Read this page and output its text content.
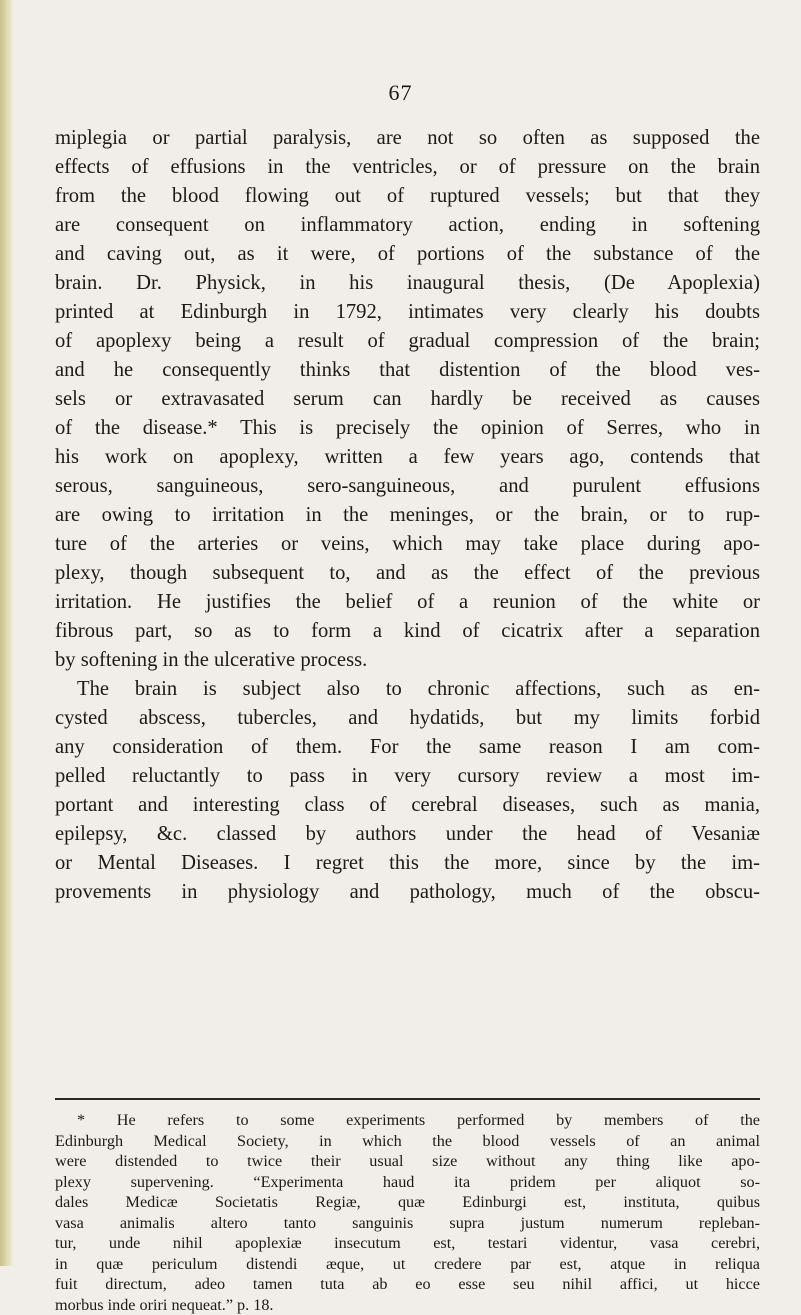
67
miplegia or partial paralysis, are not so often as supposed the
effects of effusions in the ventricles, or of pressure on the brain
from the blood flowing out of ruptured vessels; but that they
are consequent on inflammatory action, ending in softening
and caving out, as it were, of portions of the substance of the
brain. Dr. Physick, in his inaugural thesis, (De Apoplexia)
printed at Edinburgh in 1792, intimates very clearly his doubts
of apoplexy being a result of gradual compression of the brain;
and he consequently thinks that distention of the blood ves-
sels or extravasated serum can hardly be received as causes
of the disease.* This is precisely the opinion of Serres, who in
his work on apoplexy, written a few years ago, contends that
serous, sanguineous, sero-sanguineous, and purulent effusions
are owing to irritation in the meninges, or the brain, or to rup-
ture of the arteries or veins, which may take place during apo-
plexy, though subsequent to, and as the effect of the previous
irritation. He justifies the belief of a reunion of the white or
fibrous part, so as to form a kind of cicatrix after a separation
by softening in the ulcerative process.
The brain is subject also to chronic affections, such as en-
cysted abscess, tubercles, and hydatids, but my limits forbid
any consideration of them. For the same reason I am com-
pelled reluctantly to pass in very cursory review a most im-
portant and interesting class of cerebral diseases, such as mania,
epilepsy, &c. classed by authors under the head of Vesaniæ
or Mental Diseases. I regret this the more, since by the im-
provements in physiology and pathology, much of the obscu-
* He refers to some experiments performed by members of the
Edinburgh Medical Society, in which the blood vessels of an animal
were distended to twice their usual size without any thing like apo-
plexy supervening. “Experimenta haud ita pridem per aliquot so-
dales Medicæ Societatis Regiæ, quæ Edinburgi est, instituta, quibus
vasa animalis altero tanto sanguinis supra justum numerum repleban-
tur, unde nihil apoplexiæ insecutum est, testari videntur, vasa cerebri,
in quæ periculum distendi æque, ut credere par est, atque in reliqua
fuit directum, adeo tamen tuta ab eo esse seu nihil affici, ut hicce
morbus inde oriri nequeat.” p. 18.
